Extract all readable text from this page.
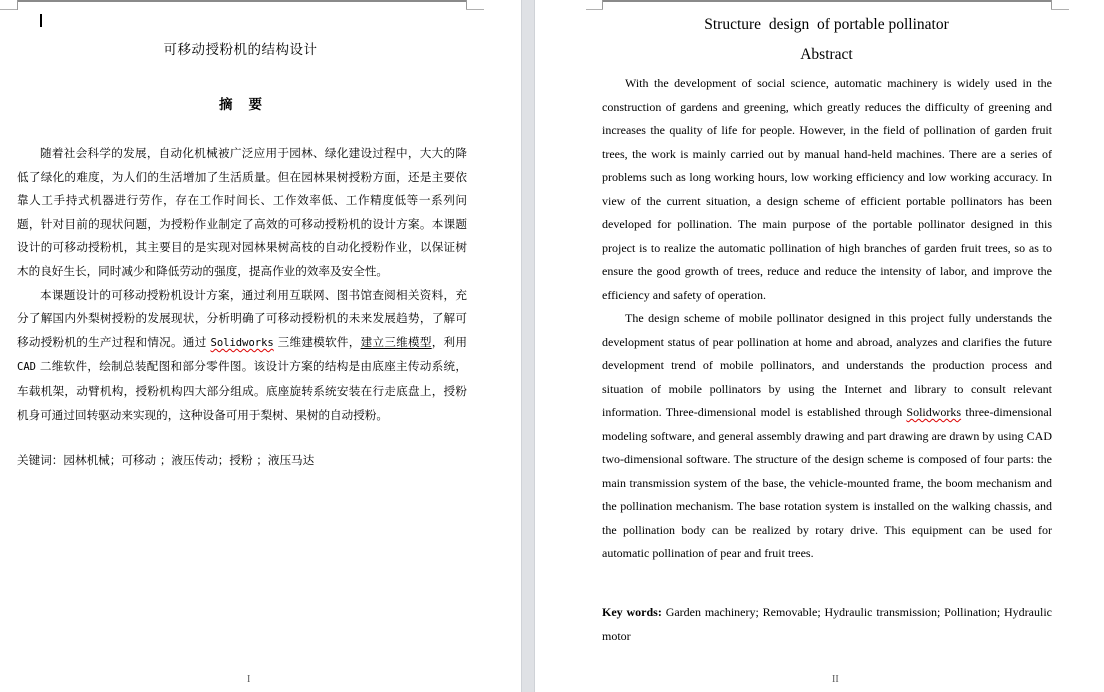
可移动授粉机的结构设计
摘 要

随着社会科学的发展，自动化机械被广泛应用于园林、绿化建设过程中，大大的降低了绿化的难度，为人们的生活增加了生活质量。但在园林果树授粉方面，还是主要依靠人工手持式机器进行劳作，存在工作时间长、工作效率低、工作精度低等一系列问题，针对目前的现状问题，为授粉作业制定了高效的可移动授粉机的设计方案。本课题设计的可移动授粉机，其主要目的是实现对园林果树高枝的自动化授粉作业，以保证树木的良好生长，同时减少和降低劳动的强度，提高作业的效率及安全性。

本课题设计的可移动授粉机设计方案，通过利用互联网、图书馆查阅相关资料，充分了解国内外梨树授粉的发展现状，分析明确了可移动授粉机的未来发展趋势，了解可移动授粉机的生产过程和情况。通过 Solidworks 三维建模软件，建立三维模型，利用 CAD 二维软件，绘制总装配图和部分零件图。该设计方案的结构是由底座主传动系统，车载机架，动臂机构，授粉机构四大部分组成。底座旋转系统安装在行走底盘上，授粉机身可通过回转驱动来实现的，这种设备可用于梨树、果树的自动授粉。

关键词：园林机械；可移动 ；液压传动；授粉 ；液压马达
I
Structure  design  of portable pollinator
Abstract

With the development of social science, automatic machinery is widely used in the construction of gardens and greening, which greatly reduces the difficulty of greening and increases the quality of life for people. However, in the field of pollination of garden fruit trees, the work is mainly carried out by manual hand-held machines. There are a series of problems such as long working hours, low working efficiency and low working accuracy. In view of the current situation, a design scheme of efficient portable pollinators has been developed for pollination. The main purpose of the portable pollinator designed in this project is to realize the automatic pollination of high branches of garden fruit trees, so as to ensure the good growth of trees, reduce and reduce the intensity of labor, and improve the efficiency and safety of operation.

The design scheme of mobile pollinator designed in this project fully understands the development status of pear pollination at home and abroad, analyzes and clarifies the future development trend of mobile pollinators, and understands the production process and situation of mobile pollinators by using the Internet and library to consult relevant information. Three-dimensional model is established through Solidworks three-dimensional modeling software, and general assembly drawing and part drawing are drawn by using CAD two-dimensional software. The structure of the design scheme is composed of four parts: the main transmission system of the base, the vehicle-mounted frame, the boom mechanism and the pollination mechanism. The base rotation system is installed on the walking chassis, and the pollination body can be realized by rotary drive. This equipment can be used for automatic pollination of pear and fruit trees.

Key words: Garden machinery; Removable; Hydraulic transmission; Pollination; Hydraulic motor
II
